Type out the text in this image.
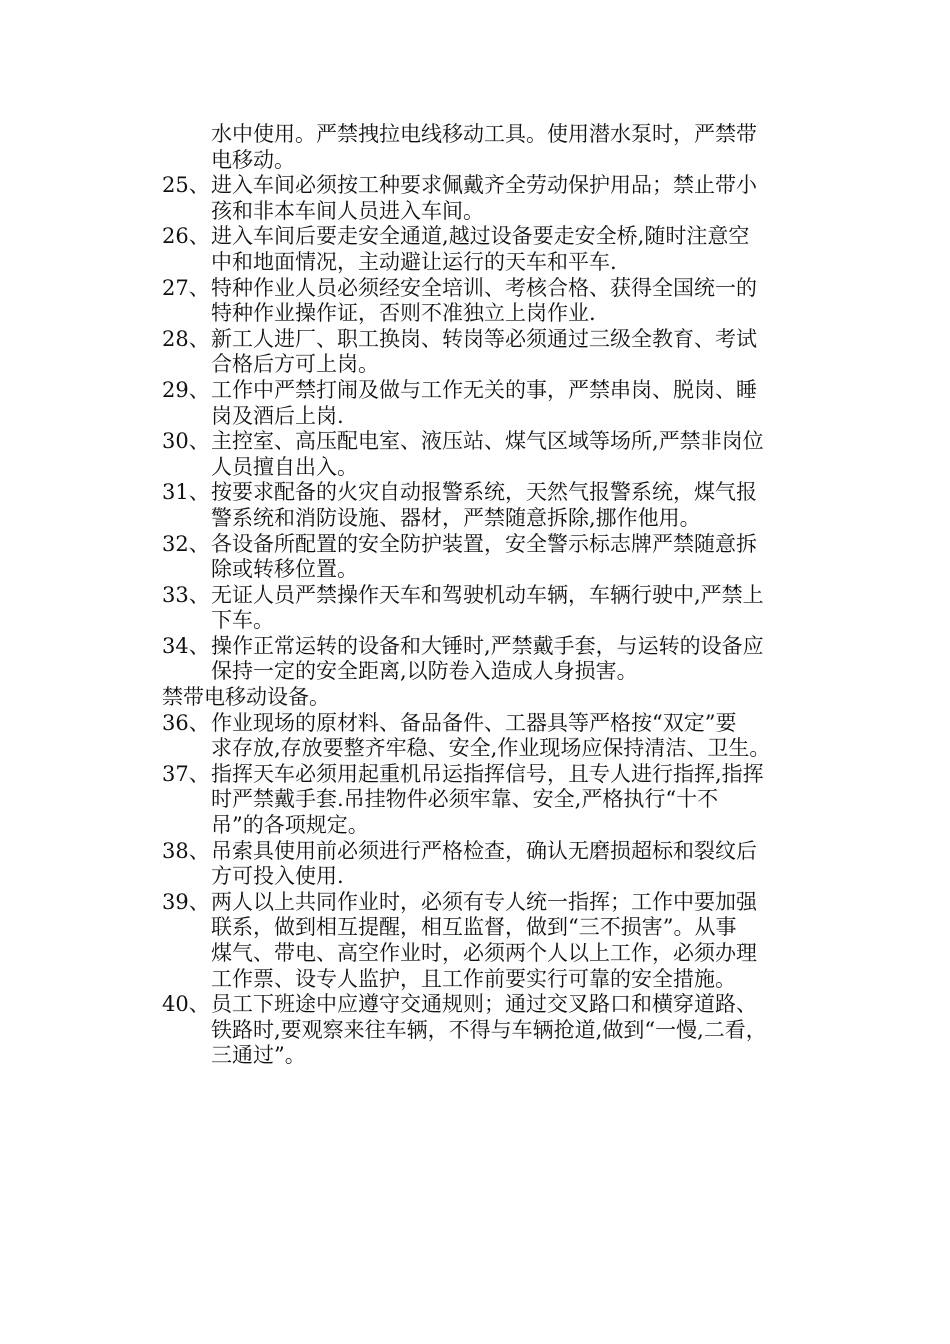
水中使用。严禁拽拉电线移动工具。使用潜水泵时，严禁带
电移动。
25、进入车间必须按工种要求佩戴齐全劳动保护用品；禁止带小
孩和非本车间人员进入车间。
26、进入车间后要走安全通道,越过设备要走安全桥,随时注意空
中和地面情况，主动避让运行的天车和平车.
27、特种作业人员必须经安全培训、考核合格、获得全国统一的
特种作业操作证，否则不准独立上岗作业.
28、新工人进厂、职工换岗、转岗等必须通过三级全教育、考试
合格后方可上岗。
29、工作中严禁打闹及做与工作无关的事，严禁串岗、脱岗、睡
岗及酒后上岗.
30、主控室、高压配电室、液压站、煤气区域等场所,严禁非岗位
人员擅自出入。
31、按要求配备的火灾自动报警系统，天然气报警系统，煤气报
警系统和消防设施、器材，严禁随意拆除,挪作他用。
32、各设备所配置的安全防护装置，安全警示标志牌严禁随意拆
除或转移位置。
33、无证人员严禁操作天车和驾驶机动车辆，车辆行驶中,严禁上
下车。
34、操作正常运转的设备和大锤时,严禁戴手套，与运转的设备应
保持一定的安全距离,以防卷入造成人身损害。
禁带电移动设备。
36、作业现场的原材料、备品备件、工器具等严格按“双定”要
求存放,存放要整齐牢稳、安全,作业现场应保持清洁、卫生。
37、指挥天车必须用起重机吊运指挥信号，且专人进行指挥,指挥
时严禁戴手套.吊挂物件必须牢靠、安全,严格执行“十不
吊”的各项规定。
38、吊索具使用前必须进行严格检查，确认无磨损超标和裂纹后
方可投入使用.
39、两人以上共同作业时，必须有专人统一指挥；工作中要加强
联系，做到相互提醒，相互监督，做到“三不损害”。从事
煤气、带电、高空作业时，必须两个人以上工作，必须办理
工作票、设专人监护，且工作前要实行可靠的安全措施。
40、员工下班途中应遵守交通规则；通过交叉路口和横穿道路、
铁路时,要观察来往车辆，不得与车辆抢道,做到“一慢,二看，
三通过”。
